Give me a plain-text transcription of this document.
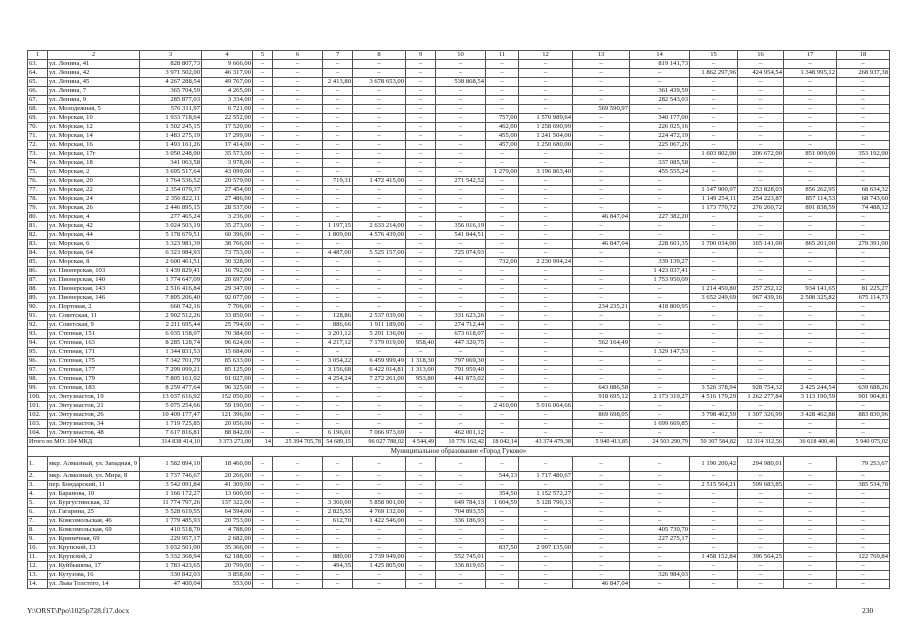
1	2	3	4	5	6	7	8	9	10	11	12	13	14	15	16	17	18
63.	ул. Ленина, 41	828 807,73	9 666,00	–	–	–	–	–	–	–	–	–	819 141,73	–	–	–	–
64.	ул. Ленина, 42	3 971 502,00	46 317,00	–	–	–	–	–	–	–	–	–	–	1 862 297,96	424 954,54	1 348 995,12	268 937,38
65.	ул. Ленина, 45	4 267 288,54	49 767,00	–	–	2 413,80	3 678 653,00	–	538 868,54	–	–	–	–	–	–	–	–
66.	ул. Ленина, 7	365 704,59	4 265,00	–	–	–	–	–	–	–	–	–	361 439,59	–	–	–	–
67.	ул. Ленина, 9	285 877,03	3 334,00	–	–	–	–	–	–	–	–	–	282 543,03	–	–	–	–
68.	ул. Молодежная, 5	576 311,97	6 721,00	–	–	–	–	–	–	–	–	569 590,97	–	–	–	–	–
69.	ул. Морская, 10	1 933 718,64	22 552,00	–	–	–	–	–	–	757,00	1 570 989,64	–	340 177,00	–	–	–	–
70.	ул. Морская, 12	1 502 245,15	17 520,00	–	–	–	–	–	–	462,00	1 258 690,99	–	226 025,16	–	–	–	–
71.	ул. Морская, 14	1 483 275,19	17 299,00	–	–	–	–	–	–	455,00	1 241 504,00	–	224 472,19	–	–	–	–
72.	ул. Морская, 16	1 493 161,26	17 414,00	–	–	–	–	–	–	457,00	1 250 680,00	–	225 067,26	–	–	–	–
73.	ул. Морская, 17г	3 050 248,00	35 573,00	–	–	–	–	–	–	–	–	–	–	1 603 802,00	206 672,00	851 009,00	353 192,00
74.	ул. Морская, 18	341 063,58	3 978,00	–	–	–	–	–	–	–	–	–	337 085,58	–	–	–	–
75.	ул. Морская, 2	3 695 517,64	43 099,00	–	–	–	–	–	–	1 279,00	3 196 863,40	–	455 555,24	–	–	–	–
76.	ул. Морская, 20	1 764 536,52	20 579,00	–	–	719,31	1 472 415,00	–	271 542,52	–	–	–	–	–	–	–	–
77.	ул. Морская, 22	2 354 079,37	27 454,00	–	–	–	–	–	–	–	–	–	–	1 147 900,07	253 828,03	856 262,95	68 634,32
78.	ул. Морская, 24	2 356 822,11	27 486,00	–	–	–	–	–	–	–	–	–	–	1 149 254,11	254 223,87	857 114,53	68 743,60
79.	ул. Морская, 26	2 446 895,15	28 537,00	–	–	–	–	–	–	–	–	–	–	1 173 770,72	276 260,72	891 838,59	74 488,12
80.	ул. Морская, 4	277 465,24	3 236,00	–	–	–	–	–	–	–	–	46 847,04	227 382,20	–	–	–	–
81.	ул. Морская, 42	3 024 503,19	35 273,00	–	–	1 197,15	2 633 214,00	–	356 016,19	–	–	–	–	–	–	–	–
82.	ул. Морская, 44	5 178 679,51	60 396,00	–	–	1 809,00	4 576 439,00	–	541 844,51	–	–	–	–	–	–	–	–
83.	ул. Морская, 6	3 323 981,39	38 766,00	–	–	–	–	–	–	–	–	46 847,04	228 601,35	1 700 034,00	165 141,00	865 201,00	279 391,00
84.	ул. Морская, 64	6 323 984,93	73 753,00	–	–	4 487,00	5 525 157,00	–	725 074,93	–	–	–	–	–	–	–	–
85.	ул. Морская, 8	2 600 461,51	30 328,00	–	–	–	–	–	–	732,00	2 230 994,24	–	339 139,27	–	–	–	–
86.	ул. Пионерская, 103	1 439 829,41	16 792,00	–	–	–	–	–	–	–	–	–	1 423 037,41	–	–	–	–
87.	ул. Пионерская, 140	1 774 647,09	20 697,00	–	–	–	–	–	–	–	–	–	1 753 950,09	–	–	–	–
88.	ул. Пионерская, 143	2 516 416,84	29 347,00	–	–	–	–	–	–	–	–	–	–	1 214 450,80	257 252,12	934 141,65	81 225,27
89.	ул. Пионерская, 146	7 895 206,40	92 077,00	–	–	–	–	–	–	–	–	–	–	3 652 249,69	967 439,16	2 508 325,82	675 114,73
90.	ул. Портовая, 2	660 742,16	7 706,00	–	–	–	–	–	–	–	–	234 235,21	418 800,95	–	–	–	–
91.	ул. Советская, 11	2 902 512,26	33 850,00	–	–	128,86	2 537 039,00	–	331 623,26	–	–	–	–	–	–	–	–
92.	ул. Советская, 9	2 211 695,44	25 794,00	–	–	886,66	1 911 189,00	–	274 712,44	–	–	–	–	–	–	–	–
93.	ул. Степная, 151	6 035 158,07	70 384,00	–	–	3 201,12	5 291 136,00	–	673 618,07	–	–	–	–	–	–	–	–
94.	ул. Степная, 163	8 285 128,74	96 624,00	–	–	4 217,12	7 179 019,00	958,40	447 320,75	–	–	562 164,49	–	–	–	–	–
95.	ул. Степная, 171	1 344 831,53	15 684,00	–	–	–	–	–	–	–	–	–	1 329 147,53	–	–	–	–
96.	ул. Степная, 175	7 342 701,79	85 633,00	–	–	3 054,22	6 459 999,49	1 318,30	797 069,30	–	–	–	–	–	–	–	–
97.	ул. Степная, 177	7 299 099,21	85 125,00	–	–	3 156,68	6 422 014,81	1 313,00	791 959,40	–	–	–	–	–	–	–	–
98.	ул. Степная, 179	7 805 161,02	91 027,00	–	–	4 254,24	7 272 261,00	953,80	441 873,02	–	–	–	–	–	–	–	–
99.	ул. Степная, 183	8 259 477,64	96 325,00	–	–	–	–	–	–	–	–	643 086,58	–	3 526 378,94	928 754,32	2 425 244,54	639 688,26
100.	ул. Энтузиастов, 19	13 037 616,92	152 050,00	–	–	–	–	–	–	–	–	918 695,12	2 173 319,27	4 516 179,29	1 262 277,84	3 113 190,59	901 904,81
101.	ул. Энтузиастов, 21	5 075 254,66	59 190,00	–	–	–	–	–	–	2 410,00	5 016 064,66	–	–	–	–	–	–
102.	ул. Энтузиастов, 26	10 409 177,47	121 396,00	–	–	–	–	–	–	–	–	869 698,05	–	3 798 462,59	1 307 326,99	3 428 462,88	883 830,96
103.	ул. Энтузиастов, 34	1 719 725,85	20 056,00	–	–	–	–	–	–	–	–	–	1 699 669,85	–	–	–	–
104.	ул. Энтузиастов, 48	7 617 816,81	88 842,00	–	–	6 196,01	7 066 973,69	–	462 001,12	–	–	–	–	–	–	–	–
Итого по МО: 104 МКД		314 838 414,10	3 373 273,00	14	25 394 705,78	54 689,15	96 027 788,02	4 544,49	10 776 162,42	18 042,14	43 374 479,38	5 940 413,85	24 503 290,79	50 307 584,82	12 314 312,56	36 618 400,46	5 940 075,02
Муниципальное образование «Город Гуково»																	
1.	мкр. Алмазный, ул. Западная, 9	1 582 894,10	18 460,00	–	–	–	–	–	–	–	–	–	–	1 190 200,42	294 980,01	–	79 253,67
2.	мкр. Алмазный, ул. Мира, 8	1 737 746,67	20 266,00	–	–	–	–	–	–	544,13	1 717 480,67	–	–	–	–	–	–
3.	пер. Бондарский, 11	3 542 091,84	41 309,00	–	–	–	–	–	–	–	–	–	–	2 515 564,21	599 683,85	–	385 534,78
4.	ул. Баранова, 10	1 166 172,27	13 600,00	–	–	–	–	–	–	354,50	1 152 572,27	–	–	–	–	–	–
5.	ул. Бургустинская, 32	11 774 797,26	137 322,00	–	–	3 360,00	5 858 901,00	–	649 784,13	1 604,59	5 128 790,13	–	–	–	–	–	–
6.	ул. Гагарина, 25	5 528 619,55	64 594,00	–	–	2 825,55	4 769 132,00	–	704 893,55	–	–	–	–	–	–	–	–
7.	ул. Комсомольская, 46	1 779 485,93	20 753,00	–	–	612,70	1 422 546,00	–	336 186,93	–	–	–	–	–	–	–	–
8.	ул. Комсомольская, 69	410 518,70	4 788,00	–	–	–	–	–	–	–	–	–	405 730,70	–	–	–	–
9.	ул. Криничная, 69	229 957,17	2 682,00	–	–	–	–	–	–	–	–	–	227 275,17	–	–	–	–
10.	ул. Крупской, 13	3 032 501,00	35 366,00	–	–	–	–	–	–	837,50	2 997 135,00	–	–	–	–	–	–
11.	ул. Крупской, 2	5 332 368,94	62 188,00	–	–	880,00	2 739 949,00	–	552 745,01	–	–	–	–	1 458 152,84	396 564,25	–	122 769,84
12.	ул. Куйбышева, 17	1 783 423,65	20 799,00	–	–	494,35	1 425 805,00	–	336 819,65	–	–	–	–	–	–	–	–
13.	ул. Кутузова, 16	330 842,03	3 858,00	–	–	–	–	–	–	–	–	–	326 984,03	–	–	–	–
14.	ул. Льва Толстого, 14	47 400,04	553,00	–	–	–	–	–	–	–	–	46 847,04	–	–	–	–	–
Y:\ORST\Ppo\1025p728.f17.docx	230
